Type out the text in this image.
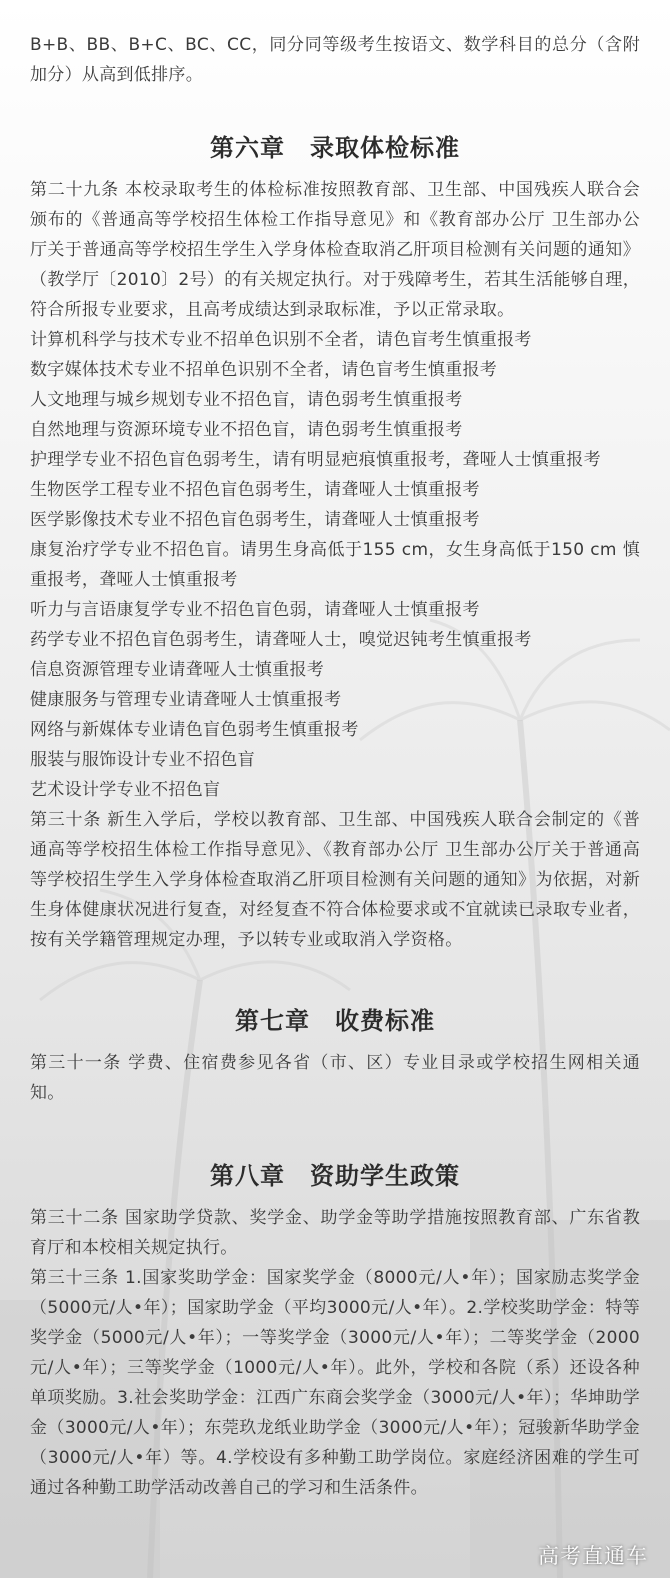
B+B、BB、B+C、BC、CC，同分同等级考生按语文、数学科目的总分（含附加分）从高到低排序。

第六章　录取体检标准

第二十九条 本校录取考生的体检标准按照教育部、卫生部、中国残疾人联合会颁布的《普通高等学校招生体检工作指导意见》和《教育部办公厅 卫生部办公厅关于普通高等学校招生学生入学身体检查取消乙肝项目检测有关问题的通知》（教学厅〔2010〕2号）的有关规定执行。对于残障考生，若其生活能够自理，符合所报专业要求，且高考成绩达到录取标准，予以正常录取。

计算机科学与技术专业不招单色识别不全者，请色盲考生慎重报考

数字媒体技术专业不招单色识别不全者，请色盲考生慎重报考

人文地理与城乡规划专业不招色盲，请色弱考生慎重报考

自然地理与资源环境专业不招色盲，请色弱考生慎重报考

护理学专业不招色盲色弱考生，请有明显疤痕慎重报考，聋哑人士慎重报考

生物医学工程专业不招色盲色弱考生，请聋哑人士慎重报考

医学影像技术专业不招色盲色弱考生，请聋哑人士慎重报考

康复治疗学专业不招色盲。请男生身高低于155 cm，女生身高低于150 cm 慎重报考，聋哑人士慎重报考

听力与言语康复学专业不招色盲色弱，请聋哑人士慎重报考

药学专业不招色盲色弱考生，请聋哑人士，嗅觉迟钝考生慎重报考

信息资源管理专业请聋哑人士慎重报考

健康服务与管理专业请聋哑人士慎重报考

网络与新媒体专业请色盲色弱考生慎重报考

服装与服饰设计专业不招色盲

艺术设计学专业不招色盲

第三十条 新生入学后，学校以教育部、卫生部、中国残疾人联合会制定的《普通高等学校招生体检工作指导意见》、《教育部办公厅 卫生部办公厅关于普通高等学校招生学生入学身体检查取消乙肝项目检测有关问题的通知》为依据，对新生身体健康状况进行复查，对经复查不符合体检要求或不宜就读已录取专业者，按有关学籍管理规定办理，予以转专业或取消入学资格。

第七章　收费标准

第三十一条 学费、住宿费参见各省（市、区）专业目录或学校招生网相关通知。

第八章　资助学生政策

第三十二条 国家助学贷款、奖学金、助学金等助学措施按照教育部、广东省教育厅和本校相关规定执行。

第三十三条 1.国家奖助学金：国家奖学金（8000元/人•年）；国家励志奖学金（5000元/人•年）；国家助学金（平均3000元/人•年）。2.学校奖助学金：特等奖学金（5000元/人•年）；一等奖学金（3000元/人•年）；二等奖学金（2000元/人•年）；三等奖学金（1000元/人•年）。此外，学校和各院（系）还设各种单项奖励。3.社会奖助学金：江西广东商会奖学金（3000元/人•年）；华坤助学金（3000元/人•年）；东莞玖龙纸业助学金（3000元/人•年）；冠骏新华助学金（3000元/人•年）等。4.学校设有多种勤工助学岗位。家庭经济困难的学生可通过各种勤工助学活动改善自己的学习和生活条件。

高考直通车
